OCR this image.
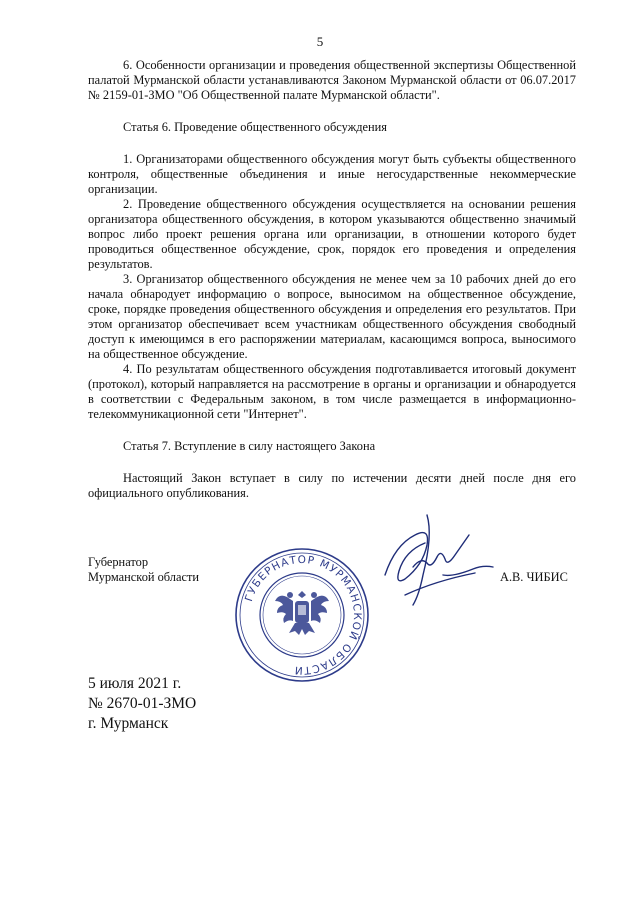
5

6. Особенности организации и проведения общественной экспертизы Общественной палатой Мурманской области устанавливаются Законом Мурманской области от 06.07.2017 № 2159-01-ЗМО "Об Общественной палате Мурманской области".

Статья 6. Проведение общественного обсуждения

1. Организаторами общественного обсуждения могут быть субъекты общественного контроля, общественные объединения и иные негосударственные некоммерческие организации.

2. Проведение общественного обсуждения осуществляется на основании решения организатора общественного обсуждения, в котором указываются общественно значимый вопрос либо проект решения органа или организации, в отношении которого будет проводиться общественное обсуждение, срок, порядок его проведения и определения результатов.

3. Организатор общественного обсуждения не менее чем за 10 рабочих дней до его начала обнародует информацию о вопросе, выносимом на общественное обсуждение, сроке, порядке проведения общественного обсуждения и определения его результатов. При этом организатор обеспечивает всем участникам общественного обсуждения свободный доступ к имеющимся в его распоряжении материалам, касающимся вопроса, выносимого на общественное обсуждение.

4. По результатам общественного обсуждения подготавливается итоговый документ (протокол), который направляется на рассмотрение в органы и организации и обнародуется в соответствии с Федеральным законом, в том числе размещается в информационно-телекоммуникационной сети "Интернет".

Статья 7. Вступление в силу настоящего Закона

Настоящий Закон вступает в силу по истечении десяти дней после дня его официального опубликования.

Губернатор
Мурманской области
ГУБЕРНАТОР МУРМАНСКОЙ ОБЛАСТИ
А.В. ЧИБИС
5 июля 2021 г.
№ 2670-01-ЗМО
г. Мурманск
